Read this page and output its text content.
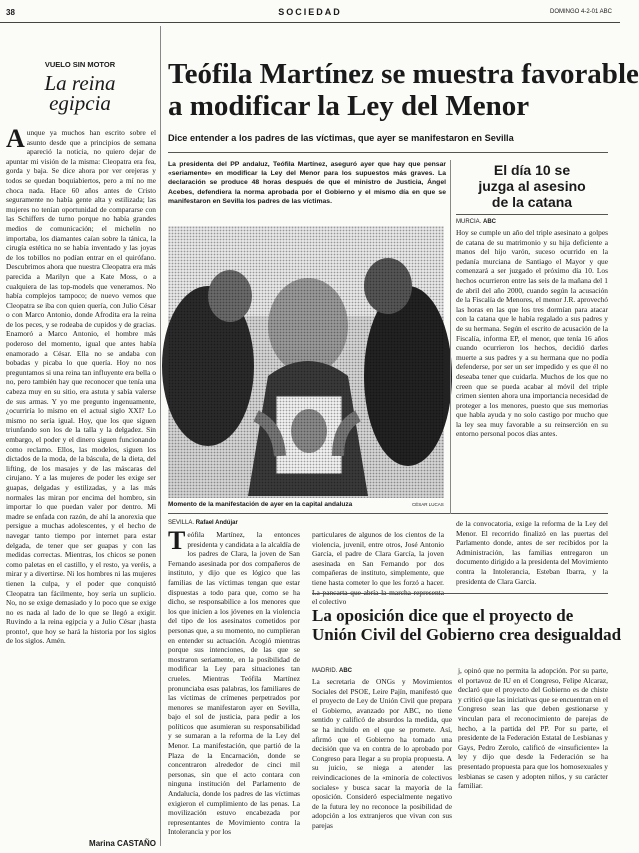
38	SOCIEDAD	DOMINGO 4-2-01 ABC
VUELO SIN MOTOR
La reina
egipcia
Aunque ya muchos han escrito sobre el asunto desde que a principios de semana apareció la noticia, no quiero dejar de apuntar mi visión de la misma: Cleopatra era fea, gorda y baja. Se dice ahora por ver orejeras y todos se quedan boquiabiertos, pero a mí no me choca nada. Hace 60 años antes de Cristo seguramente no había gente alta y estilizada; las mujeres no tenían oportunidad de compararse con las Schiffers de turno porque no había grandes medios de comunicación; el michelín no importaba, los diamantes caían sobre la tánica, la cirugía estética no se había inventado y las joyas de los tobillos no podían entrar en el quirófano. Descubrimos ahora que nuestra Cleopatra era más parecida a Marilyn que a Kate Moss, o a cualquiera de las top-models que veneramos. No había complejos tampoco; de nuevo vemos que Cleopatra se iba con quien quería, con Julio César o con Marco Antonio, donde Afrodita era la reina de los peces, y se rodeaba de cupidos y de gracias. Enamoró a Marco Antonio, el hombre más poderoso del momento, igual que antes había enamorado a César. Ella no se andaba con bobadas y picaba lo que quería. Hoy no nos preguntamos si una reina tan influyente era bella o no, pero también hay que reconocer que tenía una cabeza muy en su sitio, era astuta y sabía valerse de sus armas. Y yo me pregunto ingenuamente, ¿ocurriría lo mismo en el actual siglo XXI? Lo mismo no sería igual. Hoy, que los que siguen triunfando son los de la talla y la delgadez. Sin embargo, el poder y el dinero siguen funcionando como reclamo. Ellos, las modelos, siguen los dictados de la moda, de la báscula, de la dieta, del lifting, de los masajes y de las máscaras del cirujano. Y a las mujeres de poder les exige ser guapas, delgadas y estilizadas, y a las más normales las miran por encima del hombro, sin importar lo que puedan valer por dentro. Mi madre se enfada con razón, de ahí la anorexia que persigue a muchas adolescentes, y el hecho de navegar tanto tiempo por internet para estar delgada, de tener que ser guapas y con las medidas correctas. Mientras, los chicos se ponen como paletas en el castillo, y el resto, ya veréis, a mirar y a divertirse. Ni los hombres ni las mujeres tienen la culpa, y el poder que conquistó Cleopatra tan fácilmente, hoy sería un suplicio. No, no se exige demasiado y lo poco que se exige no es nada al lado de lo que se llegó a exigir. Ruvindo a la reina egipcia y a Julio César ¡hasta pronto!, que hoy se hará la historia por los siglos de los siglos. Amén.
Marina CASTAÑO
Teófila Martínez se muestra favorable
a modificar la Ley del Menor
Dice entender a los padres de las víctimas, que ayer se manifestaron en Sevilla
La presidenta del PP andaluz, Teófila Martínez, aseguró ayer que hay que pensar «seriamente» en modificar la Ley del Menor para los supuestos más graves. La declaración se produce 48 horas después de que el ministro de Justicia, Ángel Acebes, defendiera la norma aprobada por el Gobierno y el mismo día en que se manifestaron en Sevilla los padres de las víctimas.
Momento de la manifestación de ayer en la capital andaluza	CÉSAR LUCAS
SEVILLA. Rafael Andújar
Teófila Martínez, la entonces presidenta y candidata a la alcaldía de los padres de Clara, la joven de San Fernando asesinada por dos compañeros de instituto, y dijo que es lógico que las familias de las víctimas tengan que estar dispuestas a todo para que, como se ha dicho, se responsabilice a los menores que los que inicien a los jóvenes en la violencia del tipo de los asesinatos cometidos por personas que, a su momento, no cumplieran en entender su actuación. Acogió mientras porque sus intenciones, de las que se mostraron seriamente, en la posibilidad de modificar la Ley para situaciones tan crueles. Mientras Teófila Martínez pronunciaba esas palabras, los familiares de las víctimas de crímenes perpetrados por menores se manifestaron ayer en Sevilla, bajo el sol de justicia, para pedir a los políticos que asumieran su responsabilidad y se sumaran a la reforma de la Ley del Menor. La manifestación, que partió de la Plaza de la Encarnación, donde se concentraron alrededor de cinci mil personas, sin que el acto contara con ninguna institución del Parlamento de Andalucía, donde los padres de las víctimas exigieron el cumplimiento de las penas. La movilización estuvo encabezada por representantes de Movimiento contra la Intolerancia y por los
particulares de algunos de los cientos de la violencia, juvenil, entre otros, José Antonio García, el padre de Clara García, la joven asesinada en San Fernando por dos compañeras de instituto, simplemente, que tiene hasta cometer lo que les forzó a hacer. el colectivo
de la convocatoria, exige la reforma de la Ley del Menor. El recorrido finalizó en las puertas del Parlamento donde, antes de ser recibidos por la Administración, las familias entregaron un documento dirigido a la presidenta del Movimiento contra la Intolerancia, Esteban Ibarra, y la presidenta de Clara García.
El día 10 se
juzga al asesino
de la catana
MURCIA. ABC
Hoy se cumple un año del triple asesinato a golpes de catana de su matrimonio y su hija deficiente a manos del hijo varón, suceso ocurrido en la pedanía murciana de Santiago el Mayor y que comenzará a ser juzgado el próximo día 10. Los hechos ocurrieron entre las seis de la mañana del 1 de abril del año 2000, cuando según la acusación de la Fiscalía de Menores, el menor J.R. aprovechó las horas en las que los tres dormían para atacar con la catana que le había regalado a sus padres y de su hermana. Según el escrito de acusación de la Fiscalía, informa EP, el menor, que tenía 16 años cuando ocurrieron los hechos, decidió darles muerte a sus padres y a su hermana que no podía defenderse, por ser un ser impedido y es que él no deseaba tener que cuidarla. Muchos de los que no creen que se pueda acabar al móvil del triple crimen sienten ahora una importancia necesidad de proteger a los menores, puesto que sus memorias que habla ayuda y no solo castigo por mucho que la ley sea muy favorable a su reinserción en su entorno personal pocos días antes.
La oposición dice que el proyecto de
Unión Civil del Gobierno crea desigualdad
MADRID. ABC
La secretaria de ONGs y Movimientos Sociales del PSOE, Leire Pajín, manifestó que el proyecto de Ley de Unión Civil que prepara el Gobierno, avanzado por ABC, no tiene sentido y calificó de absurdos la medida, que se ha incluido en el que se promete. Así, afirmó que el Gobierno ha tomado una decisión que va en contra de lo aprobado por Congreso para llegar a su propia propuesta. A su juicio, se niega a atender las reivindicaciones de la «minoría de colectivos sociales» y busca sacar la mayoría de la oposición. Consideró especialmente negativo de la futura ley no reconoce la posibilidad de adopción a los extranjeros que vivan con sus parejas
j, opinó que no permita la adopción. Por su parte, el portavoz de IU en el Congreso, Felipe Alcaraz, declaró que el proyecto del Gobierno es de chiste y criticó que las iniciativas que se encuentran en el Congreso sean las que deben gestionarse y vinculan para el reconocimiento de parejas de hecho, a la partida del PP. Por su parte, el presidente de la Federación Estatal de Lesbianas y Gays, Pedro Zerolo, calificó de «insuficiente» la ley y dijo que desde la Federación se ha presentado propuesta para que los homosexuales y lesbianas se casen y adopten niños, y su carácter familiar.
